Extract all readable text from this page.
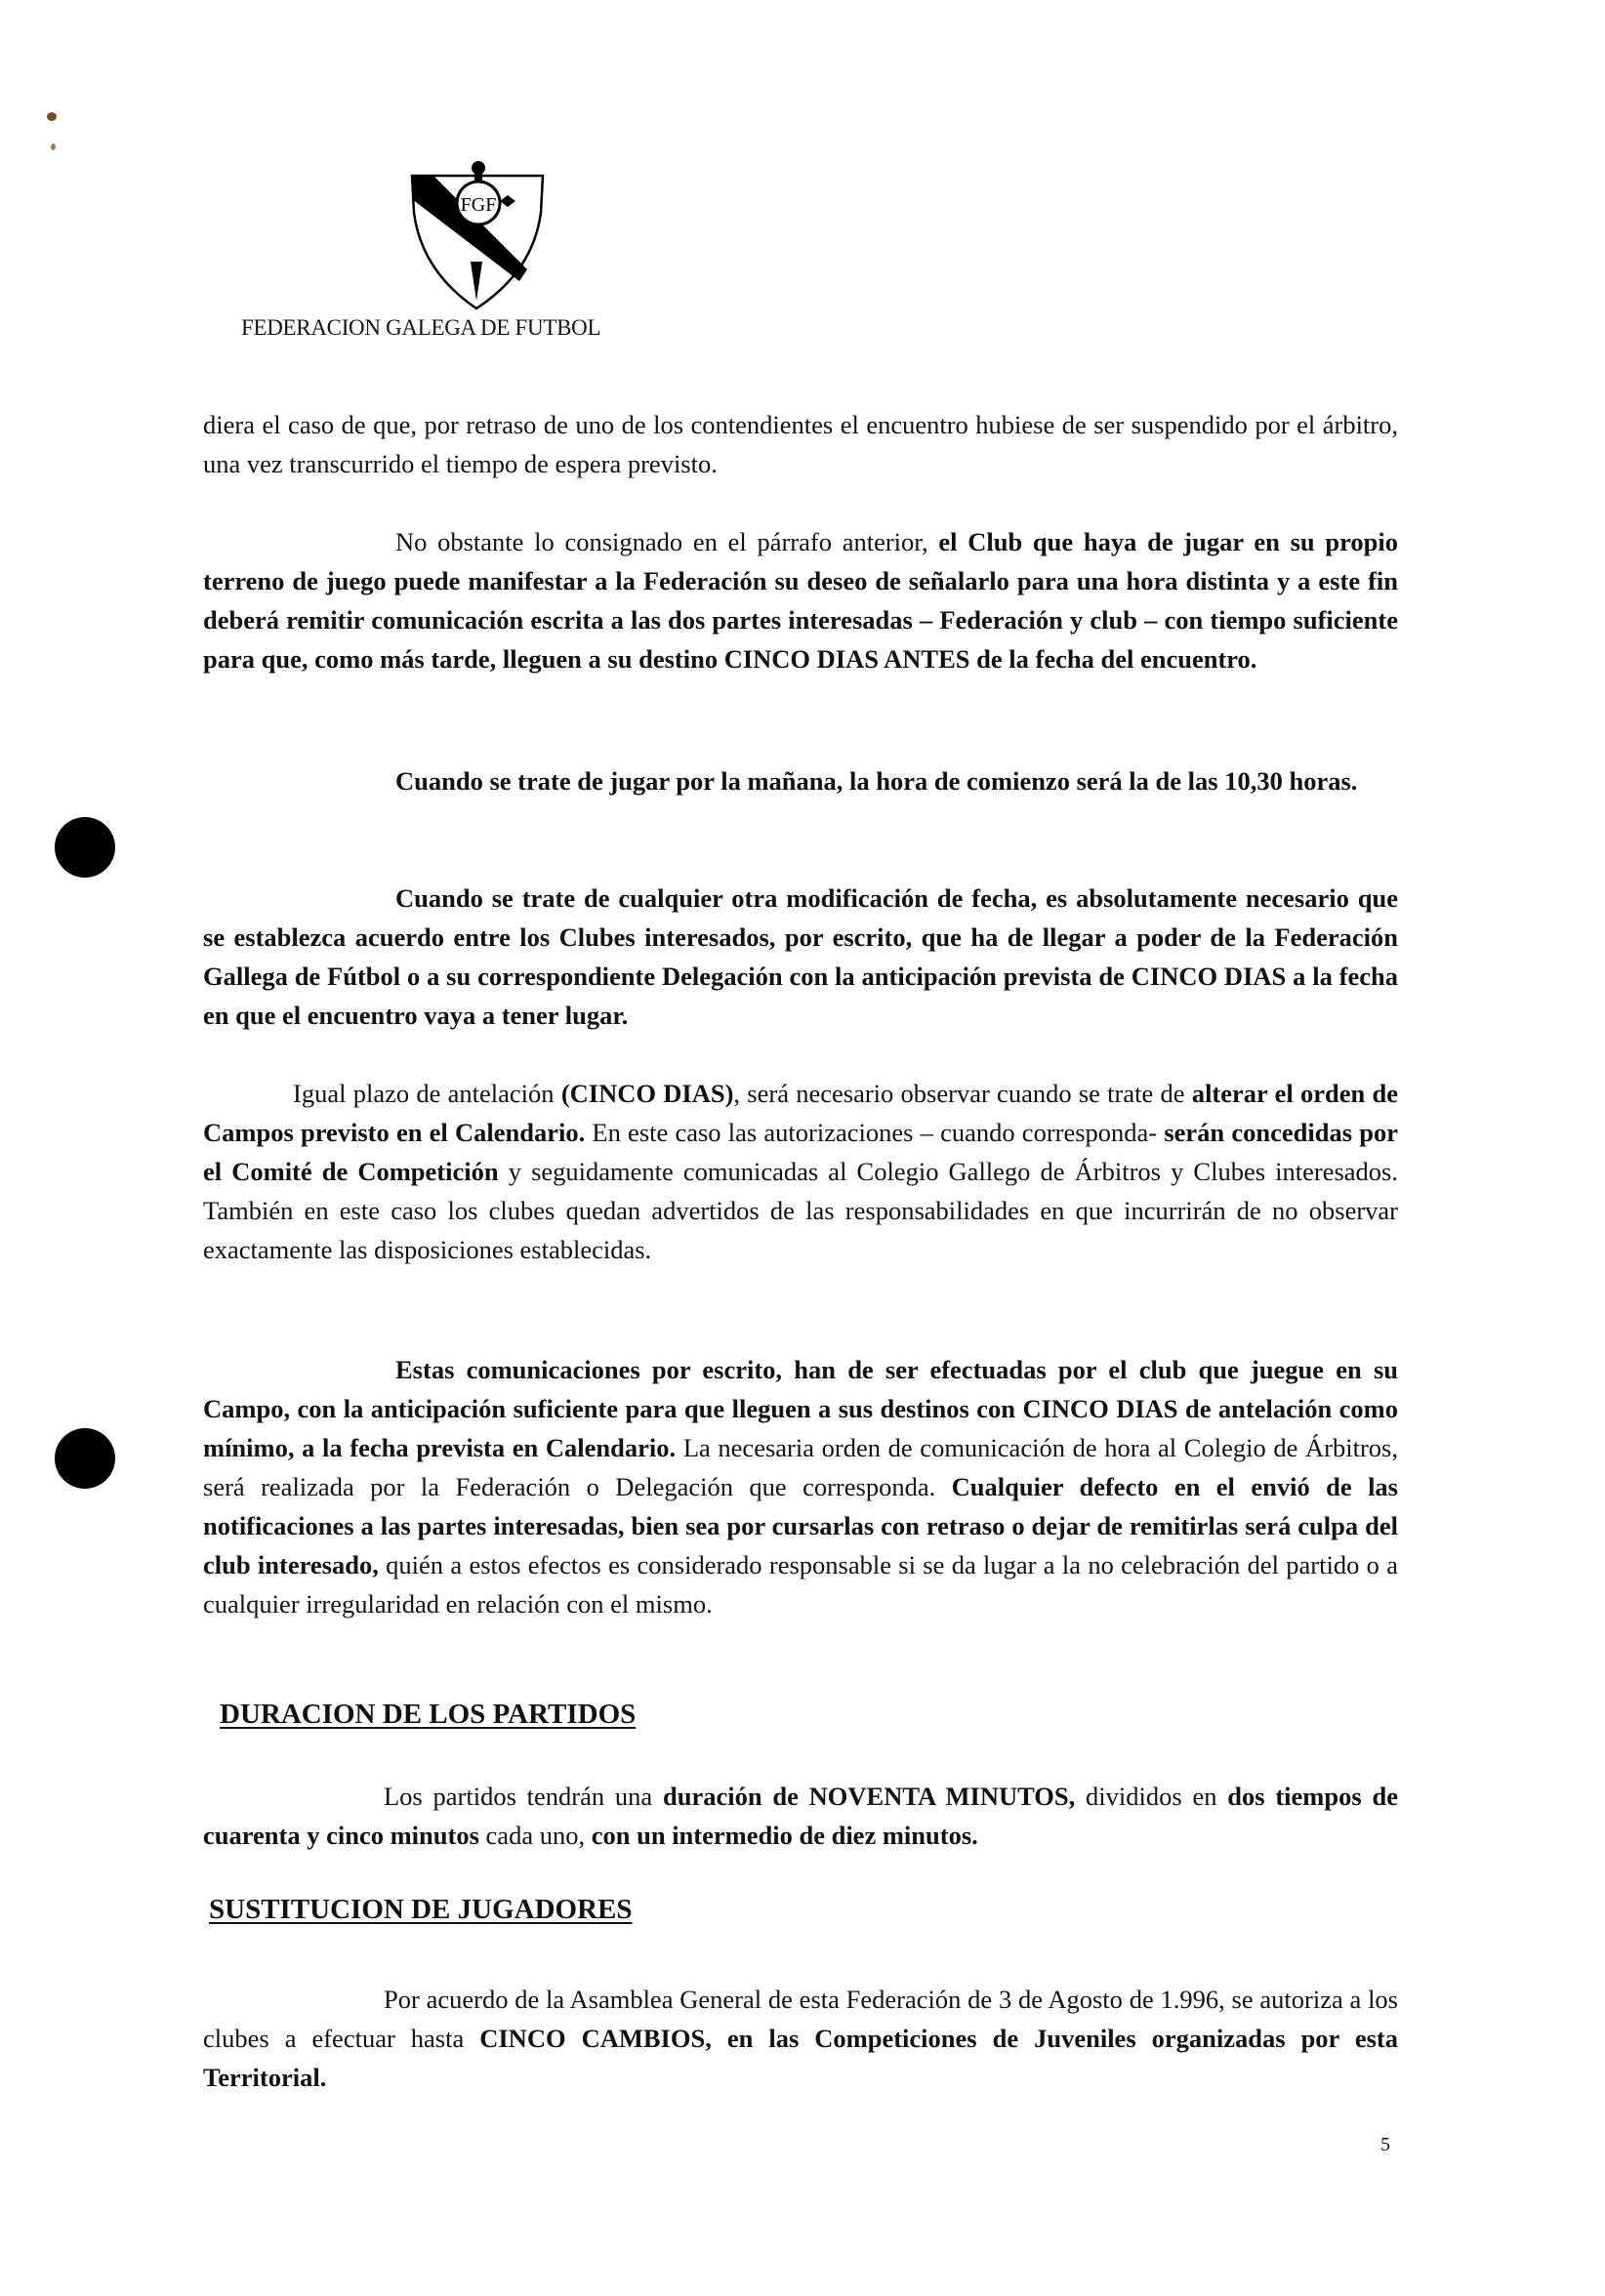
FGF
FEDERACION GALEGA DE FUTBOL
diera el caso de que, por retraso de uno de los contendientes el encuentro hubiese de ser suspendido por el árbitro, una vez transcurrido el tiempo de espera previsto.
No obstante lo consignado en el párrafo anterior, el Club que haya de jugar en su propio terreno de juego puede manifestar a la Federación su deseo de señalarlo para una hora distinta y a este fin deberá remitir comunicación escrita a las dos partes interesadas – Federación y club – con tiempo suficiente para que, como más tarde, lleguen a su destino CINCO DIAS ANTES de la fecha del encuentro.
Cuando se trate de jugar por la mañana, la hora de comienzo será la de las 10,30 horas.
Cuando se trate de cualquier otra modificación de fecha, es absolutamente necesario que se establezca acuerdo entre los Clubes interesados, por escrito, que ha de llegar a poder de la Federación Gallega de Fútbol o a su correspondiente Delegación con la anticipación prevista de CINCO DIAS a la fecha en que el encuentro vaya a tener lugar.
Igual plazo de antelación (CINCO DIAS), será necesario observar cuando se trate de alterar el orden de Campos previsto en el Calendario. En este caso las autorizaciones – cuando corresponda- serán concedidas por el Comité de Competición y seguidamente comunicadas al Colegio Gallego de Árbitros y Clubes interesados. También en este caso los clubes quedan advertidos de las responsabilidades en que incurrirán de no observar exactamente las disposiciones establecidas.
Estas comunicaciones por escrito, han de ser efectuadas por el club que juegue en su Campo, con la anticipación suficiente para que lleguen a sus destinos con CINCO DIAS de antelación como mínimo, a la fecha prevista en Calendario. La necesaria orden de comunicación de hora al Colegio de Árbitros, será realizada por la Federación o Delegación que corresponda. Cualquier defecto en el envió de las notificaciones a las partes interesadas, bien sea por cursarlas con retraso o dejar de remitirlas será culpa del club interesado, quién a estos efectos es considerado responsable si se da lugar a la no celebración del partido o a cualquier irregularidad en relación con el mismo.
DURACION DE LOS PARTIDOS
Los partidos tendrán una duración de NOVENTA MINUTOS, divididos en dos tiempos de cuarenta y cinco minutos cada uno, con un intermedio de diez minutos.
SUSTITUCION DE JUGADORES
Por acuerdo de la Asamblea General de esta Federación de 3 de Agosto de 1.996, se autoriza a los clubes a efectuar hasta CINCO CAMBIOS, en las Competiciones de Juveniles organizadas por esta Territorial.
5
